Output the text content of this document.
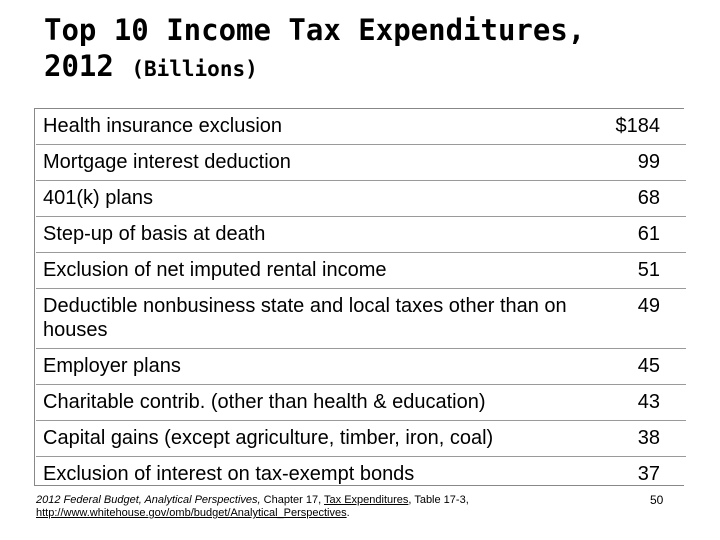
Top 10 Income Tax Expenditures,
2012 (Billions)
Health insurance exclusion	$184
Mortgage interest deduction	99
401(k) plans	68
Step-up of basis at death	61
Exclusion of net imputed rental income	51
Deductible nonbusiness state and local taxes other than on houses	49
Employer plans	45
Charitable contrib. (other than health & education)	43
Capital gains (except agriculture, timber, iron, coal)	38
Exclusion of interest on tax-exempt bonds	37
2012 Federal Budget, Analytical Perspectives, Chapter 17, Tax Expenditures, Table 17-3,
http://www.whitehouse.gov/omb/budget/Analytical_Perspectives.
50
